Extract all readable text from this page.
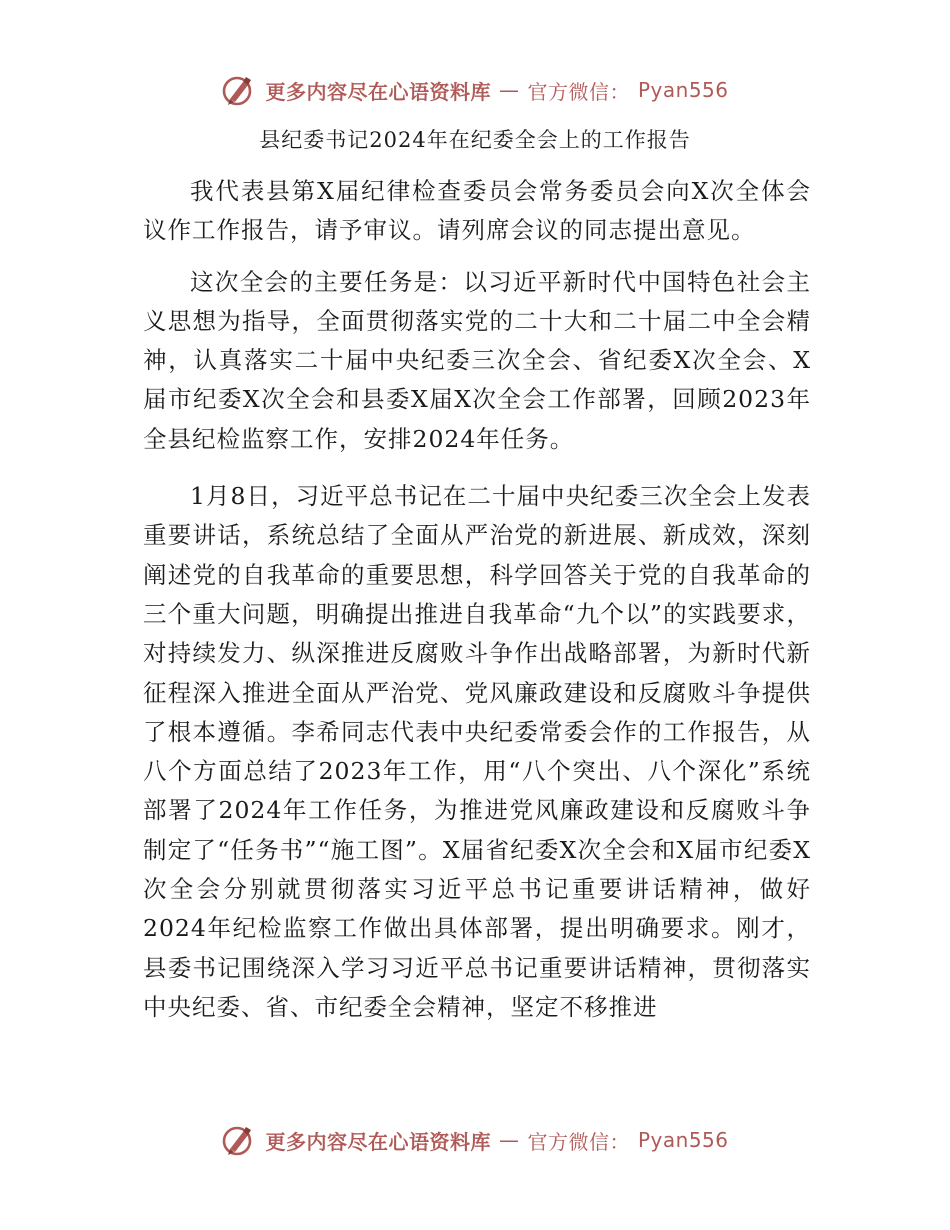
更多内容尽在心语资料库 — 官方微信： Pyan556
县纪委书记2024年在纪委全会上的工作报告

我代表县第X届纪律检查委员会常务委员会向X次全体会议作工作报告，请予审议。请列席会议的同志提出意见。

这次全会的主要任务是：以习近平新时代中国特色社会主义思想为指导，全面贯彻落实党的二十大和二十届二中全会精神，认真落实二十届中央纪委三次全会、省纪委X次全会、X届市纪委X次全会和县委X届X次全会工作部署，回顾2023年全县纪检监察工作，安排2024年任务。

1月8日，习近平总书记在二十届中央纪委三次全会上发表重要讲话，系统总结了全面从严治党的新进展、新成效，深刻阐述党的自我革命的重要思想，科学回答关于党的自我革命的三个重大问题，明确提出推进自我革命“九个以”的实践要求，对持续发力、纵深推进反腐败斗争作出战略部署，为新时代新征程深入推进全面从严治党、党风廉政建设和反腐败斗争提供了根本遵循。李希同志代表中央纪委常委会作的工作报告，从八个方面总结了2023年工作，用“八个突出、八个深化”系统部署了2024年工作任务，为推进党风廉政建设和反腐败斗争制定了“任务书”“施工图”。X届省纪委X次全会和X届市纪委X次全会分别就贯彻落实习近平总书记重要讲话精神，做好2024年纪检监察工作做出具体部署，提出明确要求。刚才，县委书记围绕深入学习习近平总书记重要讲话精神，贯彻落实中央纪委、省、市纪委全会精神，坚定不移推进

更多内容尽在心语资料库 — 官方微信： Pyan556
